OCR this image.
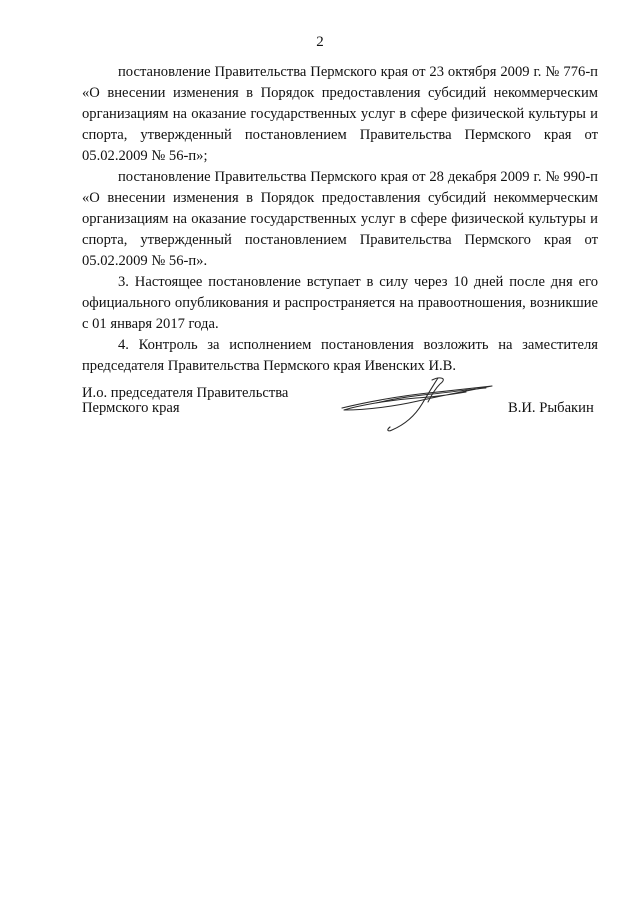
2

постановление Правительства Пермского края от 23 октября 2009 г. № 776-п «О внесении изменения в Порядок предоставления субсидий некоммерческим организациям на оказание государственных услуг в сфере физической культуры и спорта, утвержденный постановлением Правительства Пермского края от 05.02.2009 № 56-п»;

постановление Правительства Пермского края от 28 декабря 2009 г. № 990-п «О внесении изменения в Порядок предоставления субсидий некоммерческим организациям на оказание государственных услуг в сфере физической культуры и спорта, утвержденный постановлением Правительства Пермского края от 05.02.2009 № 56-п».

3. Настоящее постановление вступает в силу через 10 дней после дня его официального опубликования и распространяется на правоотношения, возникшие с 01 января 2017 года.

4. Контроль за исполнением постановления возложить на заместителя председателя Правительства Пермского края Ивенских И.В.

И.о. председателя Правительства
Пермского края	В.И. Рыбакин
